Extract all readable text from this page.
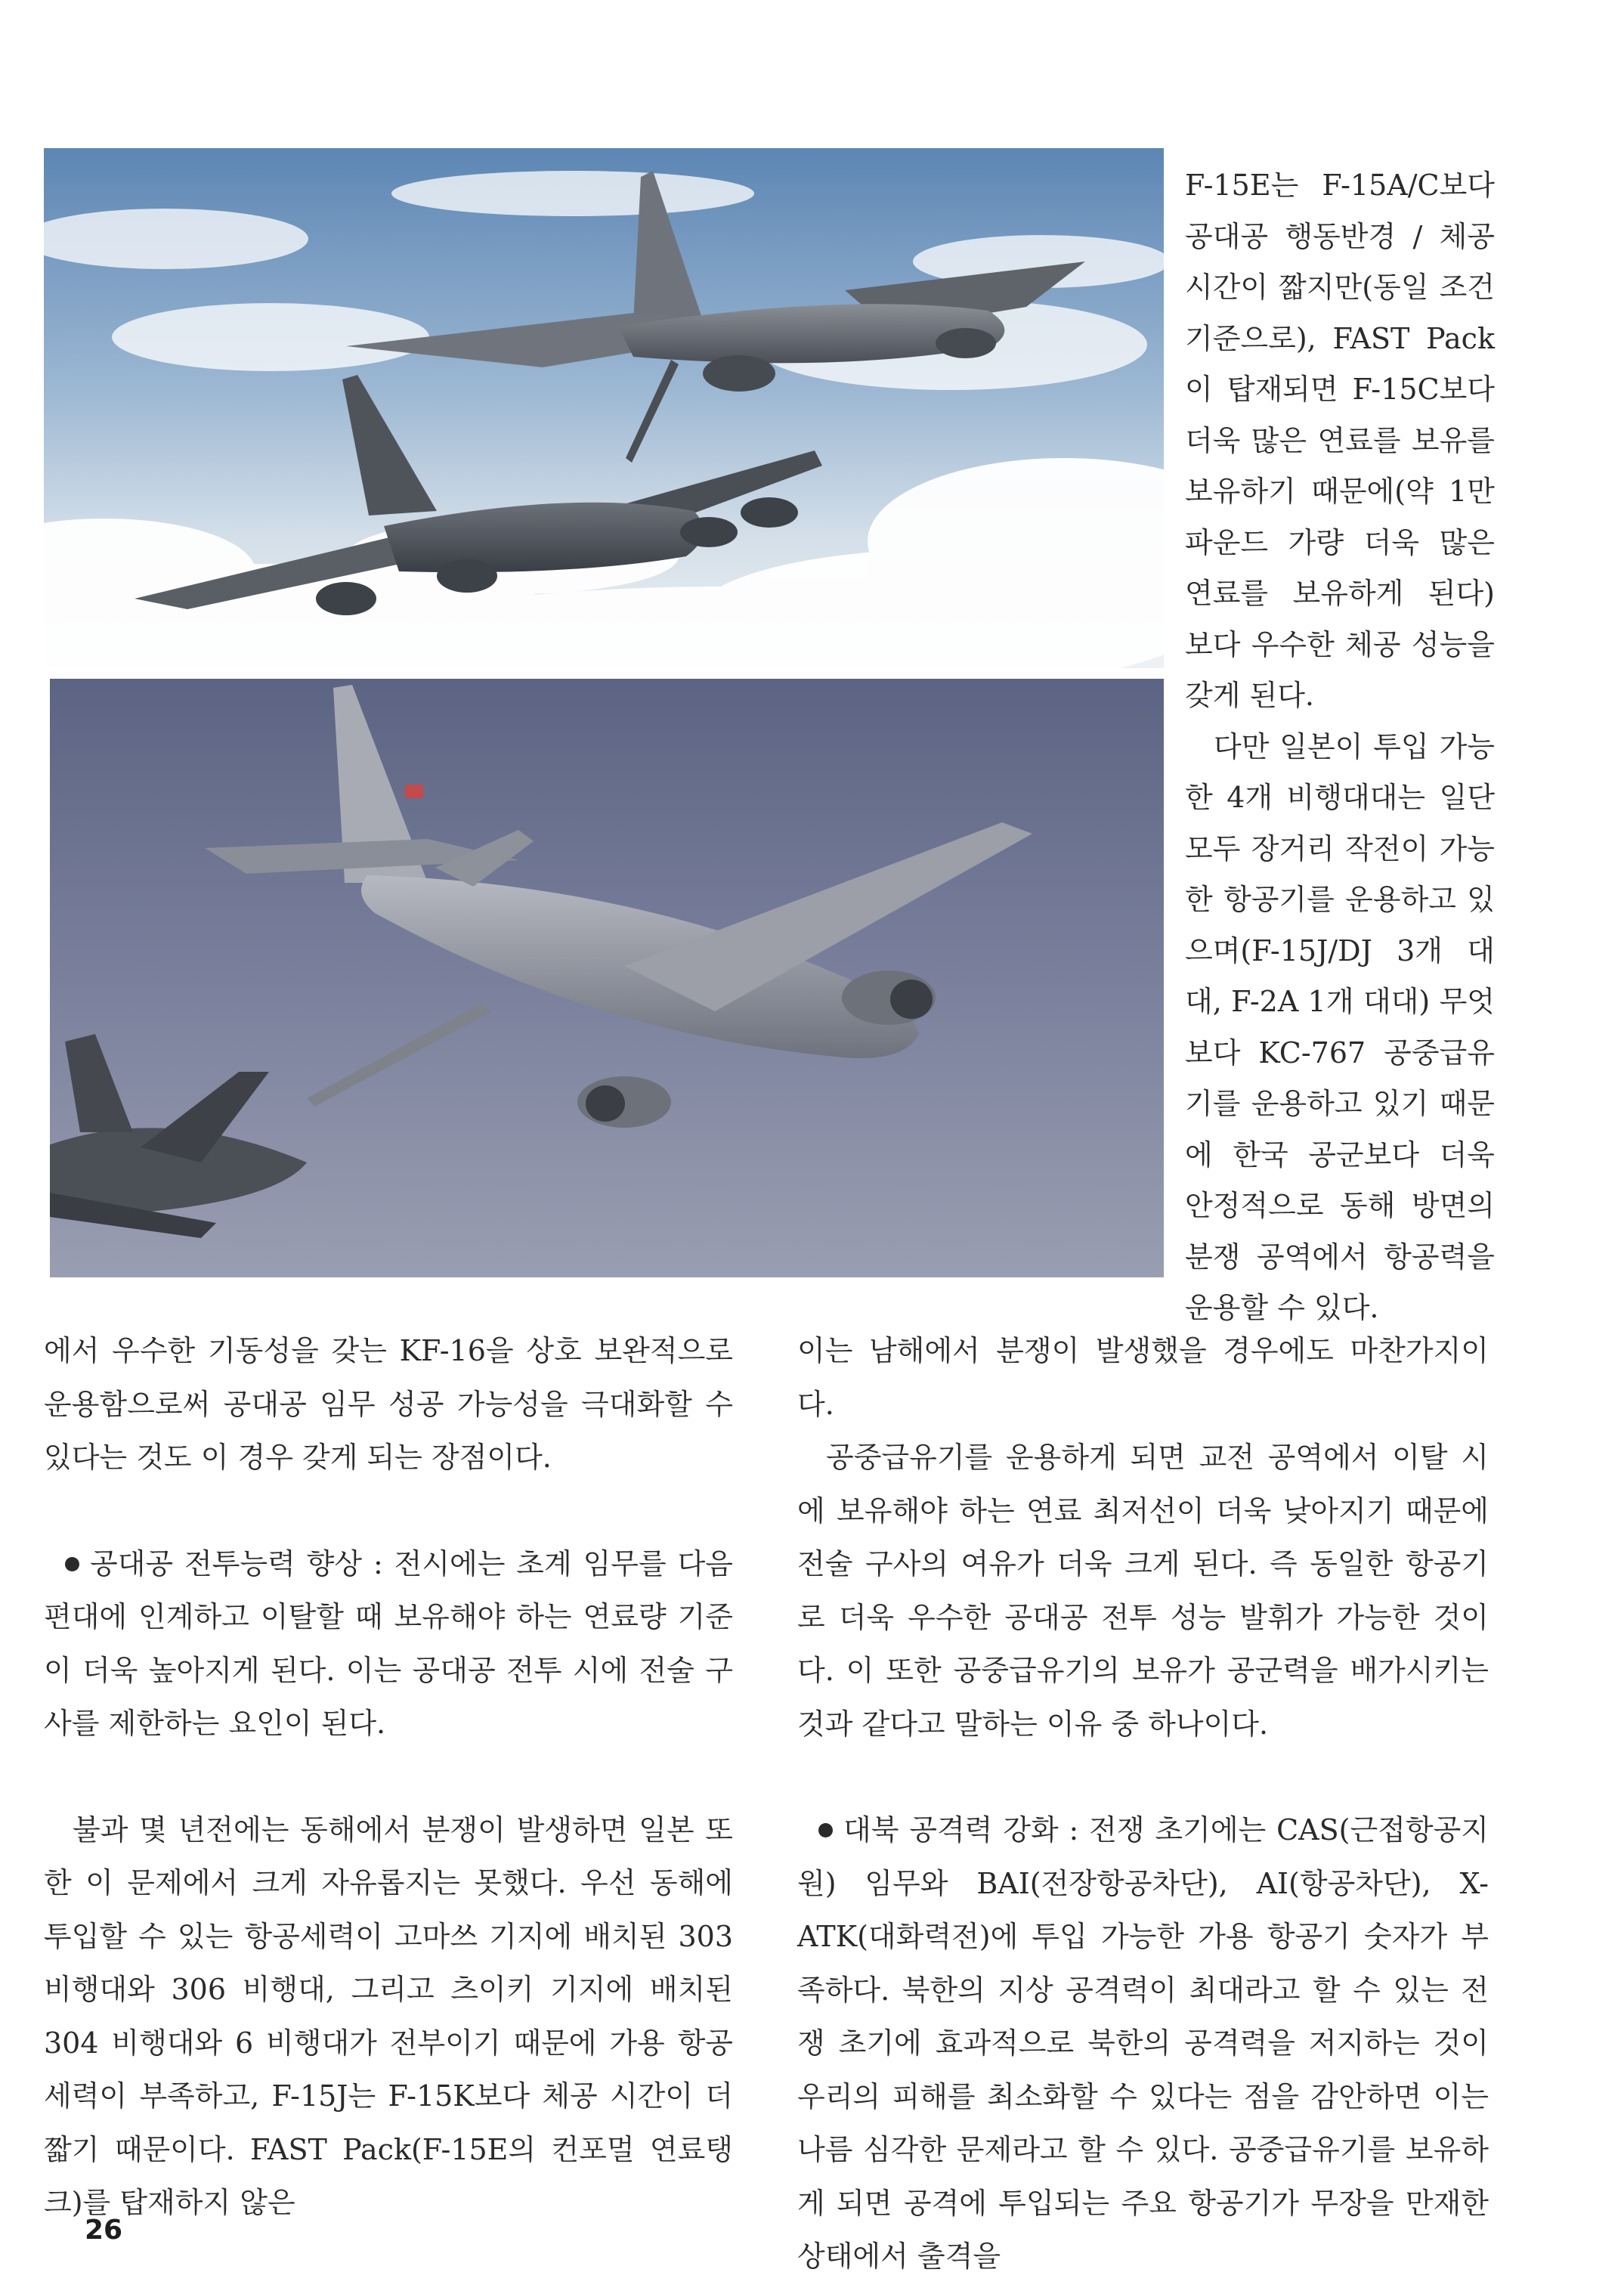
F-15E는 F-15A/C보다 공대공 행동반경 / 체공 시간이 짧지만(동일 조건 기준으로), FAST Pack이 탑재되면 F-15C보다 더욱 많은 연료를 보유를 보유하기 때문에(약 1만 파운드 가량 더욱 많은 연료를 보유하게 된다) 보다 우수한 체공 성능을 갖게 된다.

다만 일본이 투입 가능한 4개 비행대대는 일단 모두 장거리 작전이 가능한 항공기를 운용하고 있으며(F-15J/DJ 3개 대대, F-2A 1개 대대) 무엇보다 KC-767 공중급유기를 운용하고 있기 때문에 한국 공군보다 더욱 안정적으로 동해 방면의 분쟁 공역에서 항공력을 운용할 수 있다.

에서 우수한 기동성을 갖는 KF-16을 상호 보완적으로 운용함으로써 공대공 임무 성공 가능성을 극대화할 수 있다는 것도 이 경우 갖게 되는 장점이다.

공대공 전투능력 향상 : 전시에는 초계 임무를 다음 편대에 인계하고 이탈할 때 보유해야 하는 연료량 기준이 더욱 높아지게 된다. 이는 공대공 전투 시에 전술 구사를 제한하는 요인이 된다.

불과 몇 년전에는 동해에서 분쟁이 발생하면 일본 또한 이 문제에서 크게 자유롭지는 못했다. 우선 동해에 투입할 수 있는 항공세력이 고마쓰 기지에 배치된 303 비행대와 306 비행대, 그리고 츠이키 기지에 배치된 304 비행대와 6 비행대가 전부이기 때문에 가용 항공세력이 부족하고, F-15J는 F-15K보다 체공 시간이 더 짧기 때문이다. FAST Pack(F-15E의 컨포멀 연료탱크)를 탑재하지 않은

이는 남해에서 분쟁이 발생했을 경우에도 마찬가지이다.

공중급유기를 운용하게 되면 교전 공역에서 이탈 시에 보유해야 하는 연료 최저선이 더욱 낮아지기 때문에 전술 구사의 여유가 더욱 크게 된다. 즉 동일한 항공기로 더욱 우수한 공대공 전투 성능 발휘가 가능한 것이다. 이 또한 공중급유기의 보유가 공군력을 배가시키는 것과 같다고 말하는 이유 중 하나이다.

대북 공격력 강화 : 전쟁 초기에는 CAS(근접항공지원) 임무와 BAI(전장항공차단), AI(항공차단), X-ATK(대화력전)에 투입 가능한 가용 항공기 숫자가 부족하다. 북한의 지상 공격력이 최대라고 할 수 있는 전쟁 초기에 효과적으로 북한의 공격력을 저지하는 것이 우리의 피해를 최소화할 수 있다는 점을 감안하면 이는 나름 심각한 문제라고 할 수 있다. 공중급유기를 보유하게 되면 공격에 투입되는 주요 항공기가 무장을 만재한 상태에서 출격을

26
